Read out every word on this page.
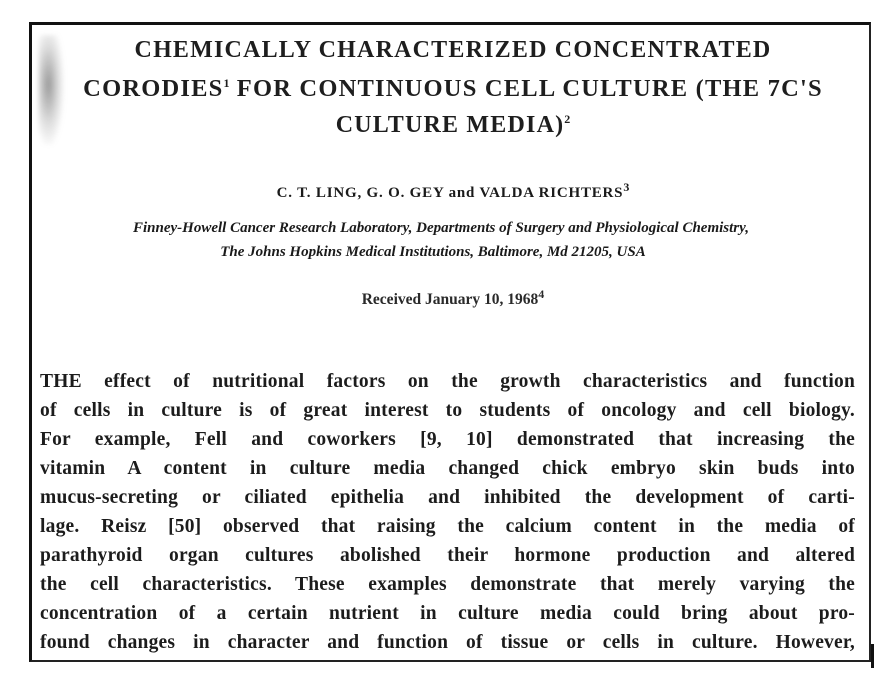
CHEMICALLY CHARACTERIZED CONCENTRATED
CORODIES$^1$ FOR CONTINUOUS CELL CULTURE (THE 7C'S
CULTURE MEDIA)$^2$
C. T. LING, G. O. GEY and VALDA RICHTERS$^3$
Finney-Howell Cancer Research Laboratory, Departments of Surgery and Physiological Chemistry,
The Johns Hopkins Medical Institutions, Baltimore, Md 21205, USA
Received January 10, 1968$^4$
THE effect of nutritional factors on the growth characteristics and function
of cells in culture is of great interest to students of oncology and cell biology.
For example, Fell and coworkers [9, 10] demonstrated that increasing the
vitamin A content in culture media changed chick embryo skin buds into
mucus-secreting or ciliated epithelia and inhibited the development of carti-
lage. Reisz [50] observed that raising the calcium content in the media of
parathyroid organ cultures abolished their hormone production and altered
the cell characteristics. These examples demonstrate that merely varying the
concentration of a certain nutrient in culture media could bring about pro-
found changes in character and function of tissue or cells in culture. However,
